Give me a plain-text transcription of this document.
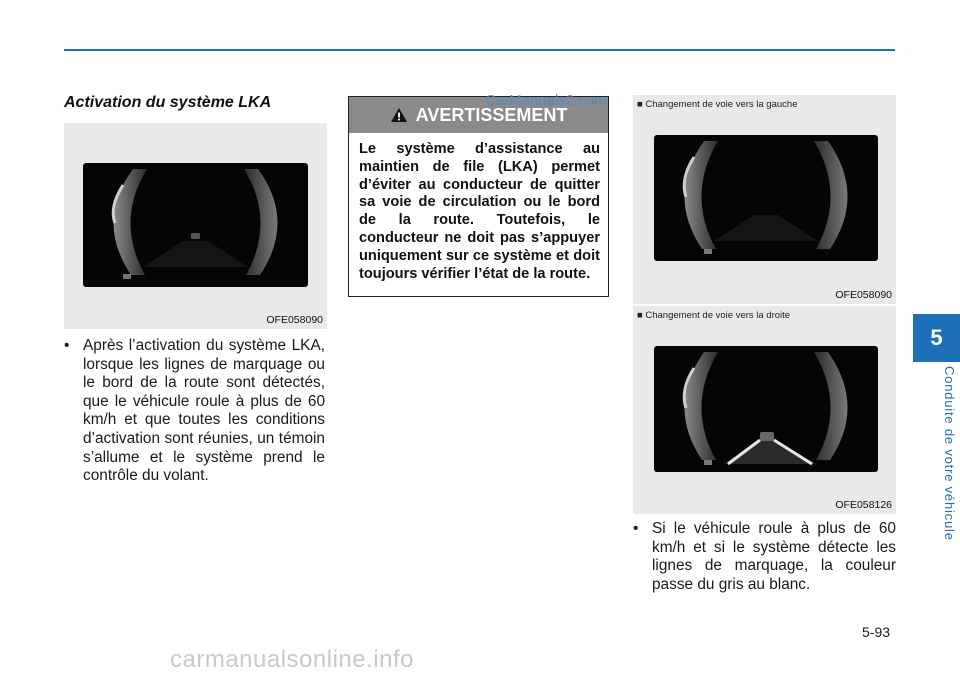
Activation du système LKA
OFE058090
• Après l’activation du système LKA, lorsque les lignes de marquage ou le bord de la route sont détectés, que le véhicule roule à plus de 60 km/h et que toutes les conditions d’activation sont réunies, un témoin s’allume et le système prend le contrôle du volant.
AVERTISSEMENT
Le système d’assistance au maintien de file (LKA) permet d’éviter au conducteur de quitter sa voie de circulation ou le bord de la route. Toutefois, le conducteur ne doit pas s’appuyer uniquement sur ce système et doit toujours vérifier l’état de la route.
CarManuals2.com	■ Changement de voie vers la gauche
OFE058090
■ Changement de voie vers la droite
OFE058126
• Si le véhicule roule à plus de 60 km/h et si le système détecte les lignes de marquage, la couleur passe du gris au blanc.
5
Conduite de votre véhicule
5-93
carmanualsonline.info
